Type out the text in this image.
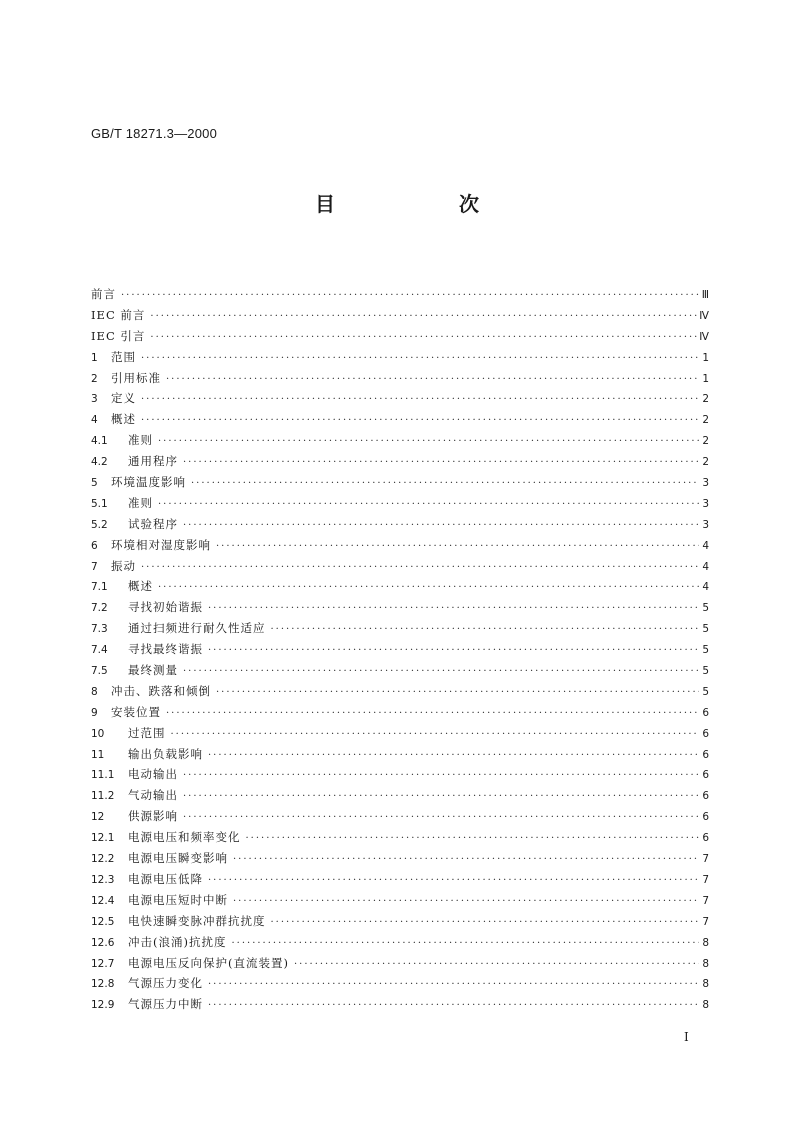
GB/T 18271.3—2000
目　次
前言 ·····	Ⅲ
IEC 前言 ·····	Ⅳ
IEC 引言 ·····	Ⅳ
1 范围 ·····	1
2 引用标准 ·····	1
3 定义 ·····	2
4 概述 ·····	2
4.1 准则 ·····	2
4.2 通用程序 ·····	2
5 环境温度影响 ·····	3
5.1 准则 ·····	3
5.2 试验程序 ·····	3
6 环境相对湿度影响 ·····	4
7 振动 ·····	4
7.1 概述 ·····	4
7.2 寻找初始谐振 ·····	5
7.3 通过扫频进行耐久性适应 ·····	5
7.4 寻找最终谐振 ·····	5
7.5 最终测量 ·····	5
8 冲击、跌落和倾倒 ·····	5
9 安装位置 ·····	6
10 过范围 ·····	6
11 输出负载影响 ·····	6
11.1 电动输出 ·····	6
11.2 气动输出 ·····	6
12 供源影响 ·····	6
12.1 电源电压和频率变化 ·····	6
12.2 电源电压瞬变影响 ·····	7
12.3 电源电压低降 ·····	7
12.4 电源电压短时中断 ·····	7
12.5 电快速瞬变脉冲群抗扰度 ·····	7
12.6 冲击(浪涌)抗扰度 ·····	8
12.7 电源电压反向保护(直流装置) ·····	8
12.8 气源压力变化 ·····	8
12.9 气源压力中断 ·····	8
I
